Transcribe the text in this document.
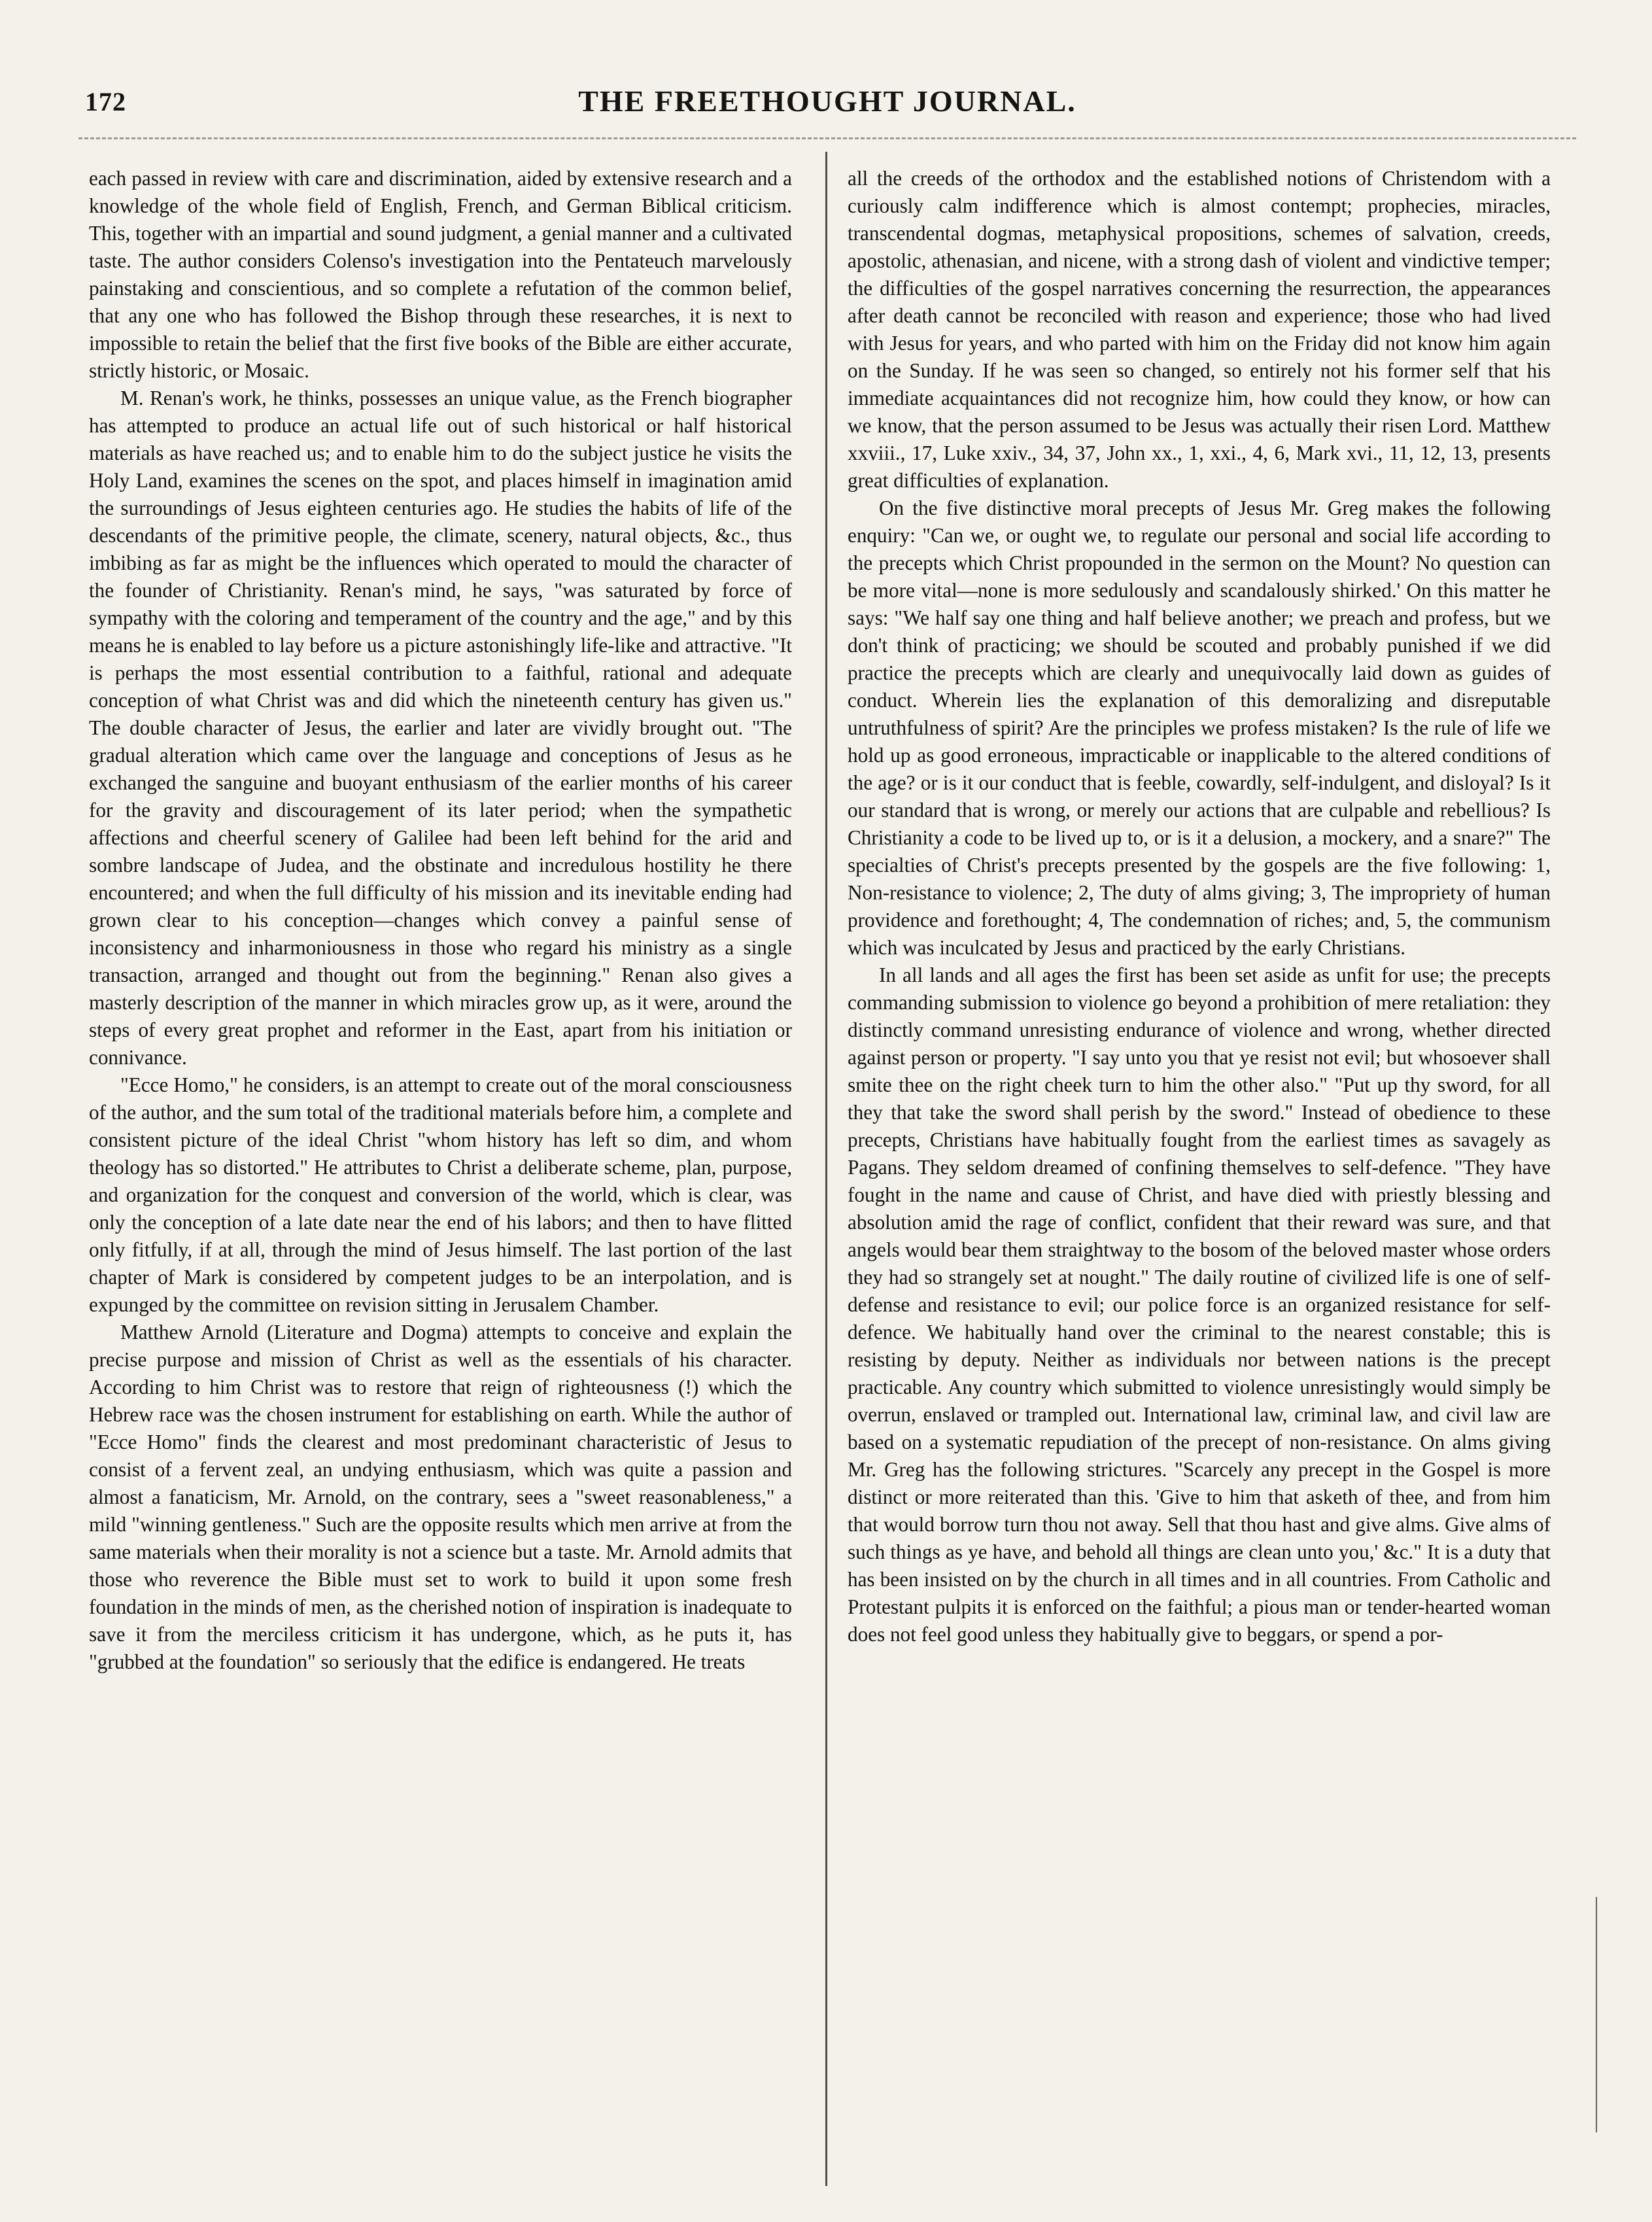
172	THE FREETHOUGHT JOURNAL.

each passed in review with care and discrimination, aided by extensive research and a knowledge of the whole field of English, French, and German Biblical criticism. This, together with an impartial and sound judgment, a genial manner and a cultivated taste. The author considers Colenso's investigation into the Pentateuch marvelously painstaking and conscientious, and so complete a refutation of the common belief, that any one who has followed the Bishop through these researches, it is next to impossible to retain the belief that the first five books of the Bible are either accurate, strictly historic, or Mosaic.

M. Renan's work, he thinks, possesses an unique value, as the French biographer has attempted to produce an actual life out of such historical or half historical materials as have reached us; and to enable him to do the subject justice he visits the Holy Land, examines the scenes on the spot, and places himself in imagination amid the surroundings of Jesus eighteen centuries ago. He studies the habits of life of the descendants of the primitive people, the climate, scenery, natural objects, &c., thus imbibing as far as might be the influences which operated to mould the character of the founder of Christianity. Renan's mind, he says, "was saturated by force of sympathy with the coloring and temperament of the country and the age," and by this means he is enabled to lay before us a picture astonishingly life-like and attractive. "It is perhaps the most essential contribution to a faithful, rational and adequate conception of what Christ was and did which the nineteenth century has given us." The double character of Jesus, the earlier and later are vividly brought out. "The gradual alteration which came over the language and conceptions of Jesus as he exchanged the sanguine and buoyant enthusiasm of the earlier months of his career for the gravity and discouragement of its later period; when the sympathetic affections and cheerful scenery of Galilee had been left behind for the arid and sombre landscape of Judea, and the obstinate and incredulous hostility he there encountered; and when the full difficulty of his mission and its inevitable ending had grown clear to his conception—changes which convey a painful sense of inconsistency and inharmoniousness in those who regard his ministry as a single transaction, arranged and thought out from the beginning." Renan also gives a masterly description of the manner in which miracles grow up, as it were, around the steps of every great prophet and reformer in the East, apart from his initiation or connivance.

"Ecce Homo," he considers, is an attempt to create out of the moral consciousness of the author, and the sum total of the traditional materials before him, a complete and consistent picture of the ideal Christ "whom history has left so dim, and whom theology has so distorted." He attributes to Christ a deliberate scheme, plan, purpose, and organization for the conquest and conversion of the world, which is clear, was only the conception of a late date near the end of his labors; and then to have flitted only fitfully, if at all, through the mind of Jesus himself. The last portion of the last chapter of Mark is considered by competent judges to be an interpolation, and is expunged by the committee on revision sitting in Jerusalem Chamber.

Matthew Arnold (Literature and Dogma) attempts to conceive and explain the precise purpose and mission of Christ as well as the essentials of his character. According to him Christ was to restore that reign of righteousness (!) which the Hebrew race was the chosen instrument for establishing on earth. While the author of "Ecce Homo" finds the clearest and most predominant characteristic of Jesus to consist of a fervent zeal, an undying enthusiasm, which was quite a passion and almost a fanaticism, Mr. Arnold, on the contrary, sees a "sweet reasonableness," a mild "winning gentleness." Such are the opposite results which men arrive at from the same materials when their morality is not a science but a taste. Mr. Arnold admits that those who reverence the Bible must set to work to build it upon some fresh foundation in the minds of men, as the cherished notion of inspiration is inadequate to save it from the merciless criticism it has undergone, which, as he puts it, has "grubbed at the foundation" so seriously that the edifice is endangered. He treats

all the creeds of the orthodox and the established notions of Christendom with a curiously calm indifference which is almost contempt; prophecies, miracles, transcendental dogmas, metaphysical propositions, schemes of salvation, creeds, apostolic, athenasian, and nicene, with a strong dash of violent and vindictive temper; the difficulties of the gospel narratives concerning the resurrection, the appearances after death cannot be reconciled with reason and experience; those who had lived with Jesus for years, and who parted with him on the Friday did not know him again on the Sunday. If he was seen so changed, so entirely not his former self that his immediate acquaintances did not recognize him, how could they know, or how can we know, that the person assumed to be Jesus was actually their risen Lord. Matthew xxviii., 17, Luke xxiv., 34, 37, John xx., 1, xxi., 4, 6, Mark xvi., 11, 12, 13, presents great difficulties of explanation.

On the five distinctive moral precepts of Jesus Mr. Greg makes the following enquiry: "Can we, or ought we, to regulate our personal and social life according to the precepts which Christ propounded in the sermon on the Mount? No question can be more vital—none is more sedulously and scandalously shirked.' On this matter he says: "We half say one thing and half believe another; we preach and profess, but we don't think of practicing; we should be scouted and probably punished if we did practice the precepts which are clearly and unequivocally laid down as guides of conduct. Wherein lies the explanation of this demoralizing and disreputable untruthfulness of spirit? Are the principles we profess mistaken? Is the rule of life we hold up as good erroneous, impracticable or inapplicable to the altered conditions of the age? or is it our conduct that is feeble, cowardly, self-indulgent, and disloyal? Is it our standard that is wrong, or merely our actions that are culpable and rebellious? Is Christianity a code to be lived up to, or is it a delusion, a mockery, and a snare?" The specialties of Christ's precepts presented by the gospels are the five following: 1, Non-resistance to violence; 2, The duty of alms giving; 3, The impropriety of human providence and forethought; 4, The condemnation of riches; and, 5, the communism which was inculcated by Jesus and practiced by the early Christians.

In all lands and all ages the first has been set aside as unfit for use; the precepts commanding submission to violence go beyond a prohibition of mere retaliation: they distinctly command unresisting endurance of violence and wrong, whether directed against person or property. "I say unto you that ye resist not evil; but whosoever shall smite thee on the right cheek turn to him the other also." "Put up thy sword, for all they that take the sword shall perish by the sword." Instead of obedience to these precepts, Christians have habitually fought from the earliest times as savagely as Pagans. They seldom dreamed of confining themselves to self-defence. "They have fought in the name and cause of Christ, and have died with priestly blessing and absolution amid the rage of conflict, confident that their reward was sure, and that angels would bear them straightway to the bosom of the beloved master whose orders they had so strangely set at nought." The daily routine of civilized life is one of self-defense and resistance to evil; our police force is an organized resistance for self-defence. We habitually hand over the criminal to the nearest constable; this is resisting by deputy. Neither as individuals nor between nations is the precept practicable. Any country which submitted to violence unresistingly would simply be overrun, enslaved or trampled out. International law, criminal law, and civil law are based on a systematic repudiation of the precept of non-resistance. On alms giving Mr. Greg has the following strictures. "Scarcely any precept in the Gospel is more distinct or more reiterated than this. 'Give to him that asketh of thee, and from him that would borrow turn thou not away. Sell that thou hast and give alms. Give alms of such things as ye have, and behold all things are clean unto you,' &c." It is a duty that has been insisted on by the church in all times and in all countries. From Catholic and Protestant pulpits it is enforced on the faithful; a pious man or tender-hearted woman does not feel good unless they habitually give to beggars, or spend a por-
